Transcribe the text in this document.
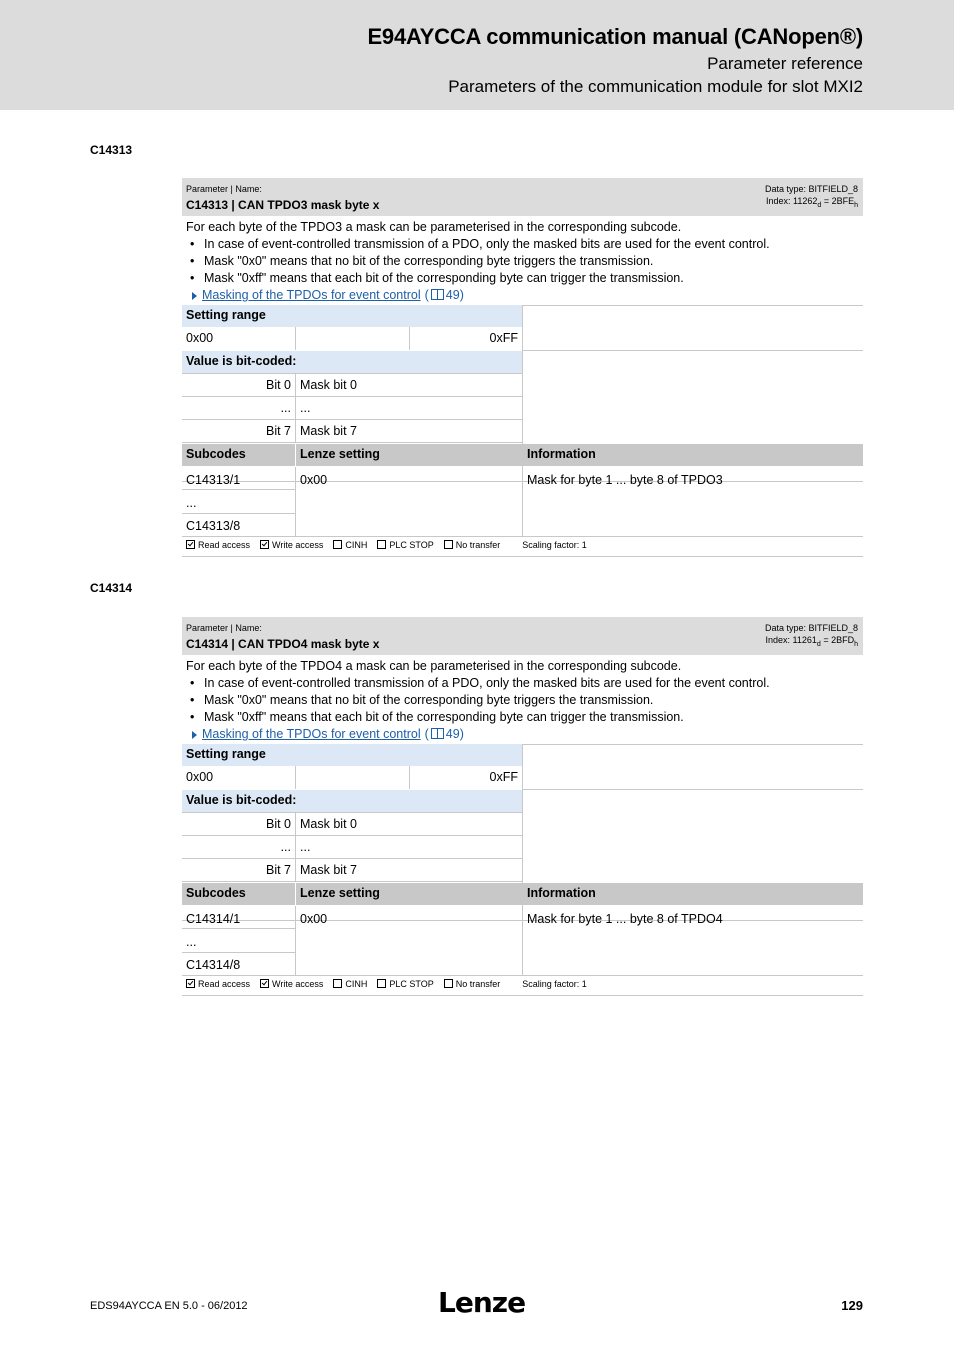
E94AYCCA communication manual (CANopen®)
Parameter reference
Parameters of the communication module for slot MXI2
C14313
Parameter | Name:
C14313 | CAN TPDO3 mask byte x
Data type: BITFIELD_8
Index: $11262_d = 2BFE_h$
For each byte of the TPDO3 a mask can be parameterised in the corresponding subcode.
• In case of event-controlled transmission of a PDO, only the masked bits are used for the event control.
• Mask "0x0" means that no bit of the corresponding byte triggers the transmission.
• Mask "0xff" means that each bit of the corresponding byte can trigger the transmission.
Masking of the TPDOs for event control ( 49)
Setting range
0x00	0xFF
Value is bit-coded:
Bit 0 Mask bit 0
... ...
Bit 7 Mask bit 7
Subcodes	Lenze setting	Information
C14313/1
...
C14313/8
0x00	Mask for byte 1 ... byte 8 of TPDO3
Read access	Write access	CINH	PLC STOP	No transfer Scaling factor: 1
C14314
Parameter | Name:
C14314 | CAN TPDO4 mask byte x
Data type: BITFIELD_8
Index: $11261_d = 2BFD_h$
For each byte of the TPDO4 a mask can be parameterised in the corresponding subcode.
• In case of event-controlled transmission of a PDO, only the masked bits are used for the event control.
• Mask "0x0" means that no bit of the corresponding byte triggers the transmission.
• Mask "0xff" means that each bit of the corresponding byte can trigger the transmission.
Masking of the TPDOs for event control ( 49)
Setting range
0x00	0xFF
Value is bit-coded:
Bit 0 Mask bit 0
... ...
Bit 7 Mask bit 7
Subcodes	Lenze setting	Information
C14314/1
...
C14314/8
0x00	Mask for byte 1 ... byte 8 of TPDO4
Read access	Write access	CINH	PLC STOP	No transfer Scaling factor: 1
EDS94AYCCA EN 5.0 - 06/2012	Lenze	129
